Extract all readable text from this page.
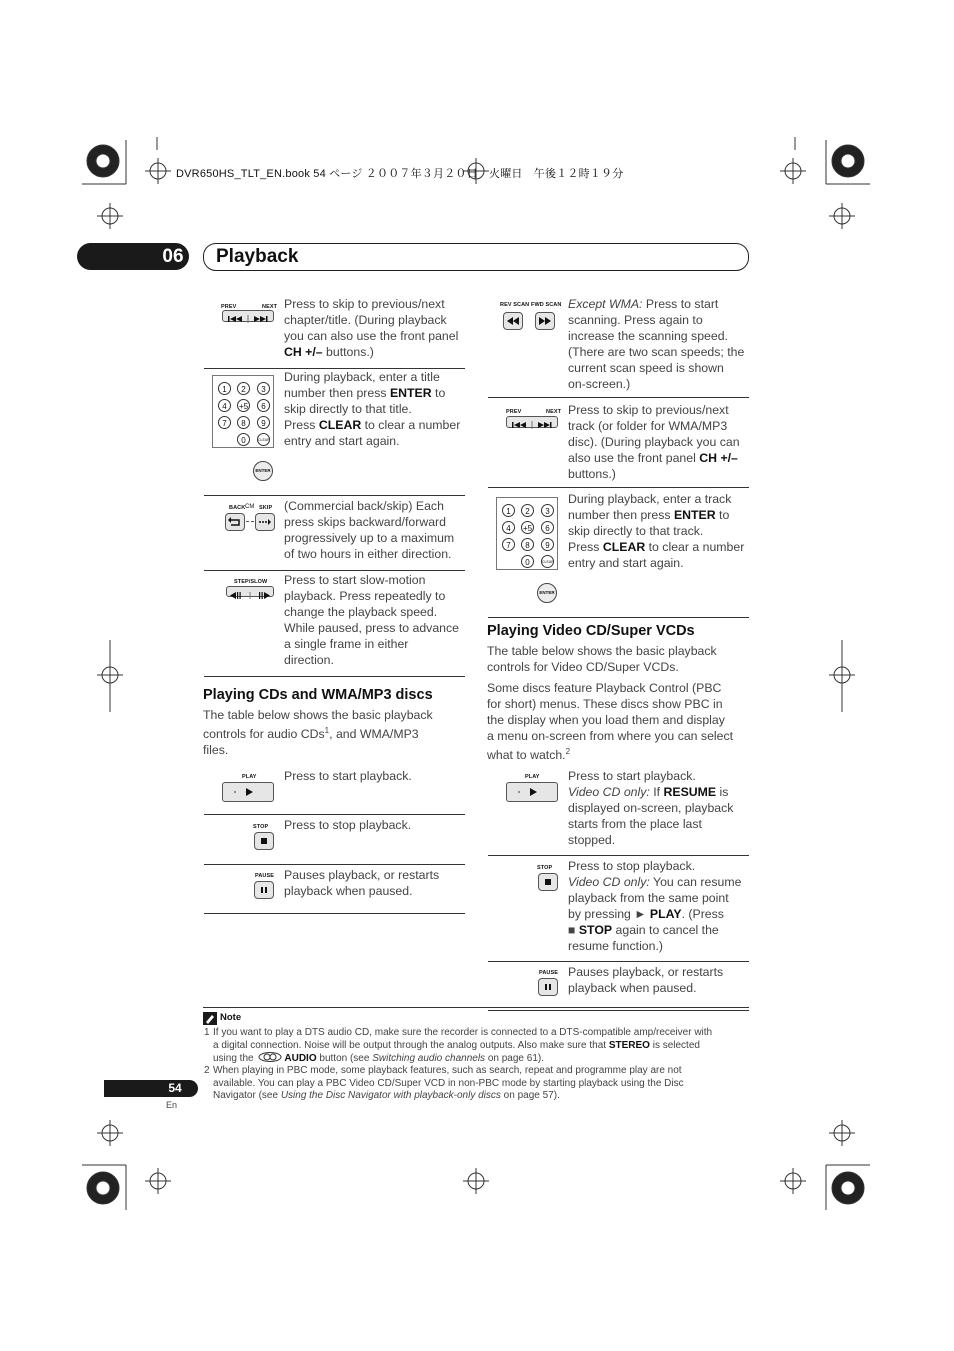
DVR650HS_TLT_EN.book 54 ページ ２００７年３月２０日　火曜日　午後１２時１９分
06 Playback
PREV	NEXT Press to skip to previous/next
chapter/title. (During playback
you can also use the front panel
CH +/– buttons.)
1	2	3
4	+5	6
7	8	9
0	CLEAR
ENTER
During playback, enter a title
number then press ENTER to
skip directly to that title.
Press CLEAR to clear a number
entry and start again.
BACK CM SKIP (Commercial back/skip) Each
press skips backward/forward
progressively up to a maximum
of two hours in either direction.
STEP/SLOW Press to start slow-motion
playback. Press repeatedly to
change the playback speed.
While paused, press to advance
a single frame in either
direction.
Playing CDs and WMA/MP3 discs
The table below shows the basic playback
controls for audio CDs$^1$, and WMA/MP3
files.
PLAY Press to start playback.
STOP Press to stop playback.
PAUSE Pauses playback, or restarts
playback when paused.
REV SCAN FWD SCAN Except WMA: Press to start
scanning. Press again to
increase the scanning speed.
(There are two scan speeds; the
current scan speed is shown
on-screen.)
PREV	NEXT Press to skip to previous/next
track (or folder for WMA/MP3
disc). (During playback you can
also use the front panel CH +/–
buttons.)
1	2	3
4	+5	6
7	8	9
0	CLEAR
ENTER
During playback, enter a track
number then press ENTER to
skip directly to that track.
Press CLEAR to clear a number
entry and start again.
Playing Video CD/Super VCDs
The table below shows the basic playback
controls for Video CD/Super VCDs.
Some discs feature Playback Control (PBC
for short) menus. These discs show PBC in
the display when you load them and display
a menu on-screen from where you can select
what to watch.$^2$
PLAY Press to start playback.
Video CD only: If RESUME is
displayed on-screen, playback
starts from the place last
stopped.
STOP Press to stop playback.
Video CD only: You can resume
playback from the same point
by pressing ► PLAY. (Press
■ STOP again to cancel the
resume function.)
PAUSE Pauses playback, or restarts
playback when paused.
Note
1 If you want to play a DTS audio CD, make sure the recorder is connected to a DTS-compatible amp/receiver with
a digital connection. Noise will be output through the analog outputs. Also make sure that STEREO is selected
using the	AUDIO button (see Switching audio channels on page 61).
2 When playing in PBC mode, some playback features, such as search, repeat and programme play are not
available. You can play a PBC Video CD/Super VCD in non-PBC mode by starting playback using the Disc
Navigator (see Using the Disc Navigator with playback-only discs on page 57).
54
En
